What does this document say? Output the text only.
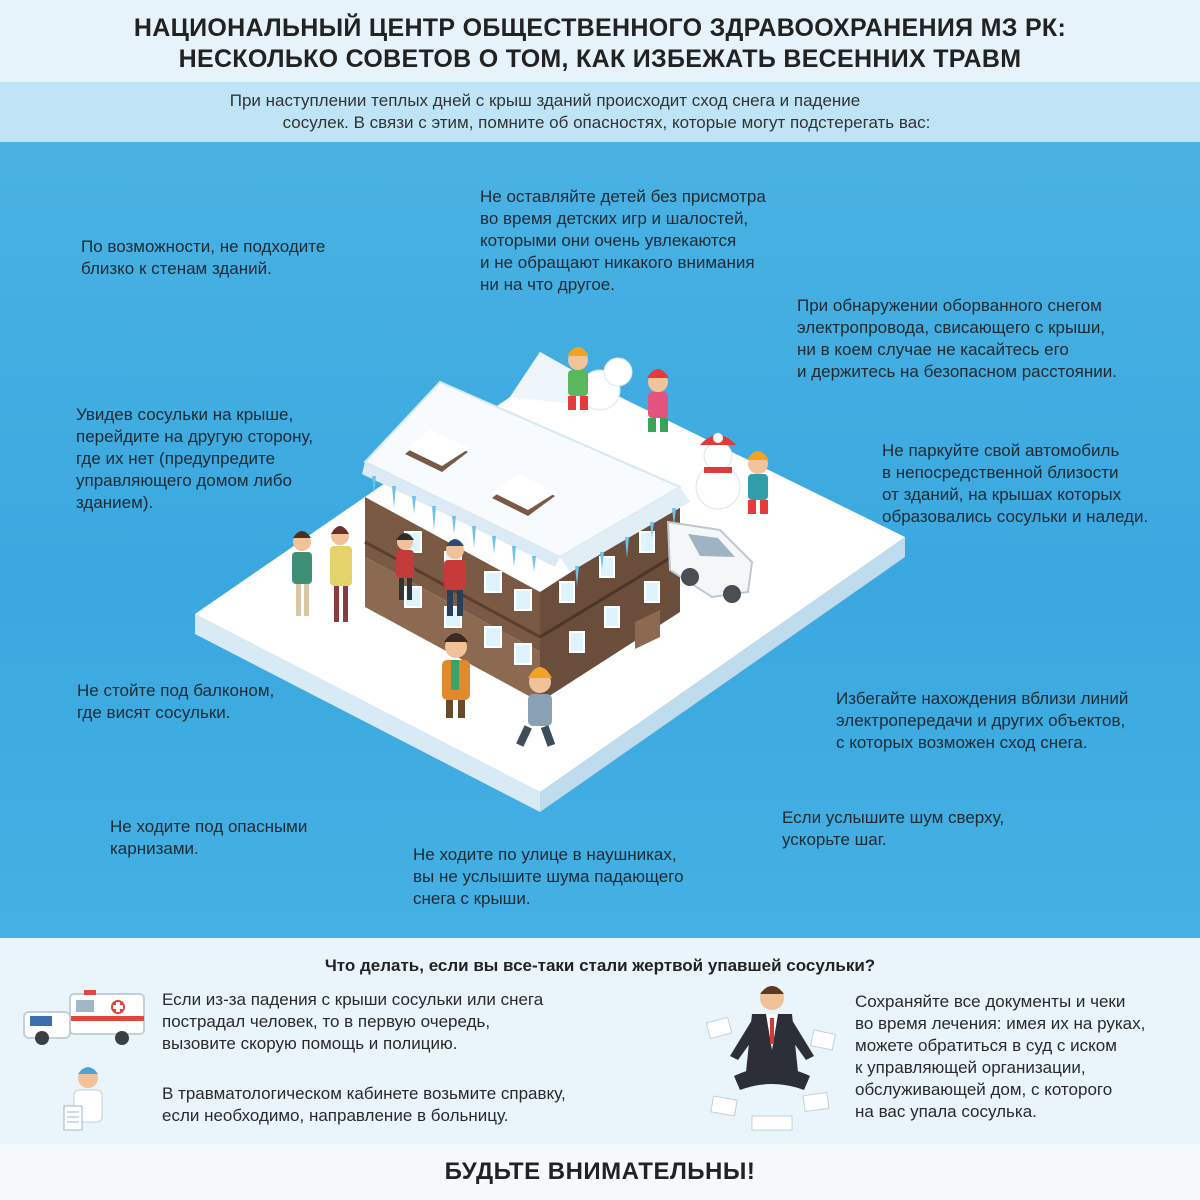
НАЦИОНАЛЬНЫЙ ЦЕНТР ОБЩЕСТВЕННОГО ЗДРАВООХРАНЕНИЯ МЗ РК:
НЕСКОЛЬКО СОВЕТОВ О ТОМ, КАК ИЗБЕЖАТЬ ВЕСЕННИХ ТРАВМ
При наступлении теплых дней с крыш зданий происходит сход снега и падение
сосулек. В связи с этим, помните об опасностях, которые могут подстерегать вас:
По возможности, не подходите
близко к стенам зданий.
Не оставляйте детей без присмотра
во время детских игр и шалостей,
которыми они очень увлекаются
и не обращают никакого внимания
ни на что другое.
При обнаружении оборванного снегом
электропровода, свисающего с крыши,
ни в коем случае не касайтесь его
и держитесь на безопасном расстоянии.
Увидев сосульки на крыше,
перейдите на другую сторону,
где их нет (предупредите
управляющего домом либо
зданием).
Не паркуйте свой автомобиль
в непосредственной близости
от зданий, на крышах которых
образовались сосульки и наледи.
Не стойте под балконом,
где висят сосульки.
Избегайте нахождения вблизи линий
электропередачи и других объектов,
с которых возможен сход снега.
Не ходите под опасными
карнизами.
Если услышите шум сверху,
ускорьте шаг.
Не ходите по улице в наушниках,
вы не услышите шума падающего
снега с крыши.
Что делать, если вы все-таки стали жертвой упавшей сосульки?
Если из-за падения с крыши сосульки или снега
пострадал человек, то в первую очередь,
вызовите скорую помощь и полицию.
В травматологическом кабинете возьмите справку,
если необходимо, направление в больницу.
Сохраняйте все документы и чеки
во время лечения: имея их на руках,
можете обратиться в суд с иском
к управляющей организации,
обслуживающей дом, с которого
на вас упала сосулька.
БУДЬТЕ ВНИМАТЕЛЬНЫ!
